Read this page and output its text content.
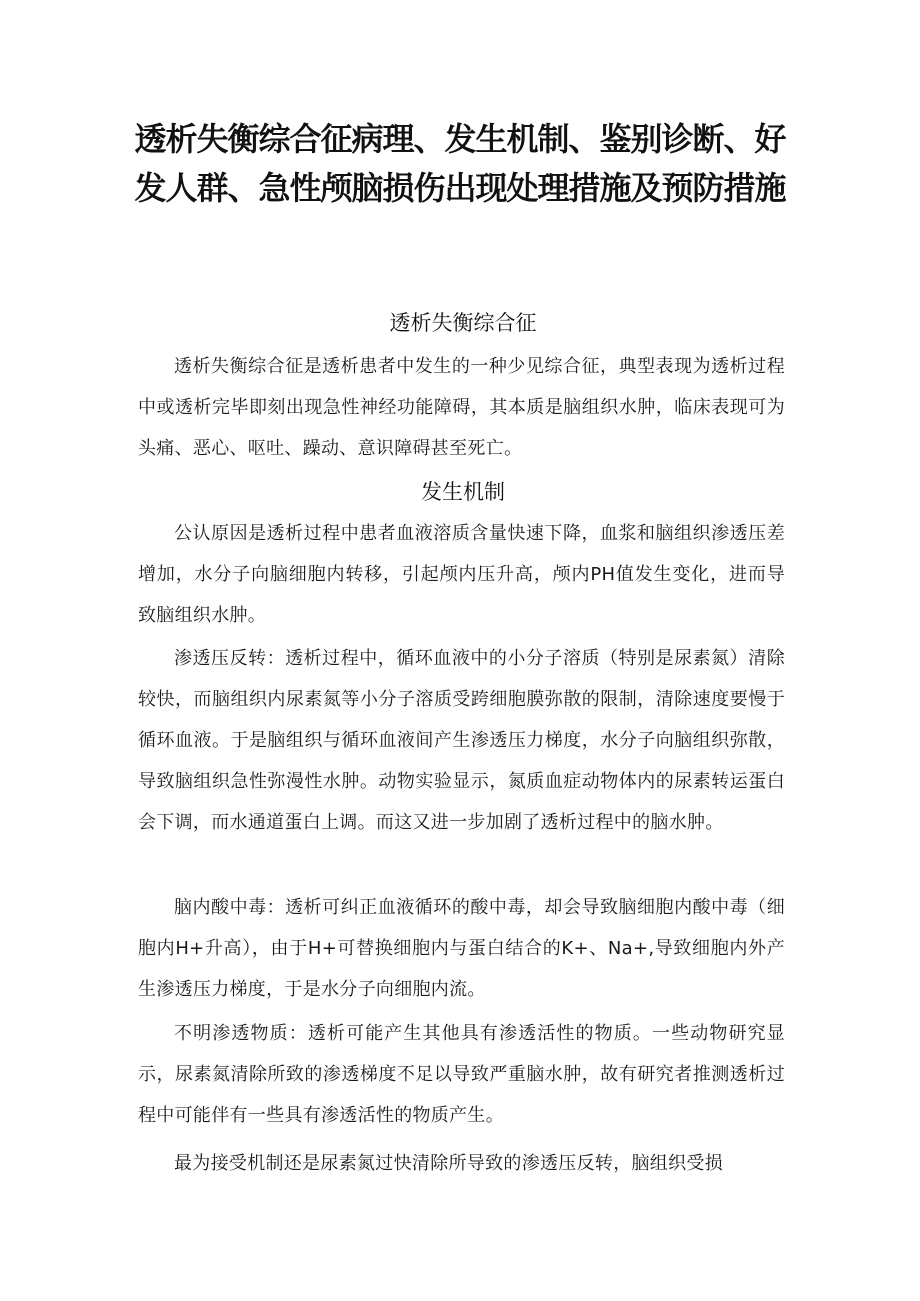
透析失衡综合征病理、发生机制、鉴别诊断、好发人群、急性颅脑损伤出现处理措施及预防措施
透析失衡综合征

透析失衡综合征是透析患者中发生的一种少见综合征，典型表现为透析过程中或透析完毕即刻出现急性神经功能障碍，其本质是脑组织水肿，临床表现可为头痛、恶心、呕吐、躁动、意识障碍甚至死亡。

发生机制

公认原因是透析过程中患者血液溶质含量快速下降，血浆和脑组织渗透压差增加，水分子向脑细胞内转移，引起颅内压升高，颅内PH值发生变化，进而导致脑组织水肿。

渗透压反转：透析过程中，循环血液中的小分子溶质（特别是尿素氮）清除较快，而脑组织内尿素氮等小分子溶质受跨细胞膜弥散的限制，清除速度要慢于循环血液。于是脑组织与循环血液间产生渗透压力梯度，水分子向脑组织弥散，导致脑组织急性弥漫性水肿。动物实验显示，氮质血症动物体内的尿素转运蛋白会下调，而水通道蛋白上调。而这又进一步加剧了透析过程中的脑水肿。

脑内酸中毒：透析可纠正血液循环的酸中毒，却会导致脑细胞内酸中毒（细胞内H+升高），由于H+可替换细胞内与蛋白结合的K+、Na+,导致细胞内外产生渗透压力梯度，于是水分子向细胞内流。

不明渗透物质：透析可能产生其他具有渗透活性的物质。一些动物研究显示，尿素氮清除所致的渗透梯度不足以导致严重脑水肿，故有研究者推测透析过程中可能伴有一些具有渗透活性的物质产生。

最为接受机制还是尿素氮过快清除所导致的渗透压反转，脑组织受损
